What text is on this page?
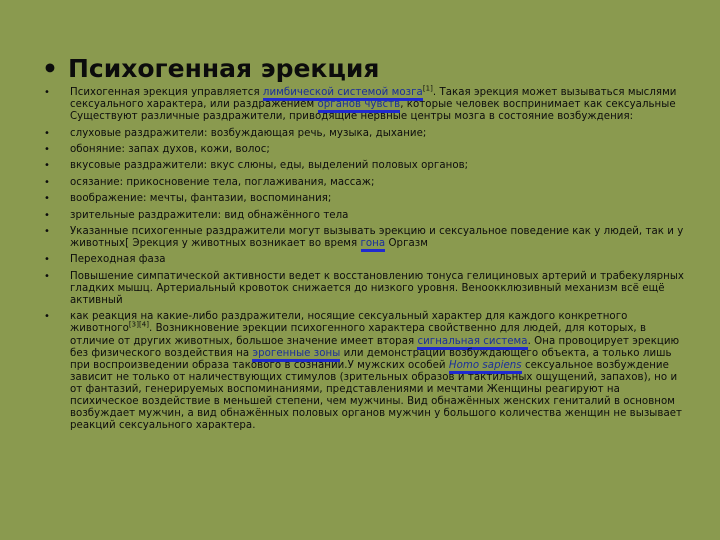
• Психогенная эрекция
• Психогенная эрекция управляется лимбической системой мозга[1]. Такая эрекция может вызываться мыслями сексуального характера, или раздражением органов чувств, которые человек воспринимает как сексуальные Существуют различные раздражители, приводящие нервные центры мозга в состояние возбуждения:
• слуховые раздражители: возбуждающая речь, музыка, дыхание;
• обоняние: запах духов, кожи, волос;
• вкусовые раздражители: вкус слюны, еды, выделений половых органов;
• осязание: прикосновение тела, поглаживания, массаж;
• воображение: мечты, фантазии, воспоминания;
• зрительные раздражители: вид обнажённого тела
• Указанные психогенные раздражители могут вызывать эрекцию и сексуальное поведение как у людей, так и у животных[ Эрекция у животных возникает во время гона Оргазм
• Переходная фаза
• Повышение симпатической активности ведет к восстановлению тонуса гелициновых артерий и трабекулярных гладких мышц. Артериальный кровоток снижается до низкого уровня. Веноокклюзивный механизм всё ещё активный
• как реакция на какие-либо раздражители, носящие сексуальный характер для каждого конкретного животного[3][4]. Возникновение эрекции психогенного характера свойственно для людей, для которых, в отличие от других животных, большое значение имеет вторая сигнальная система. Она провоцирует эрекцию без физического воздействия на эрогенные зоны или демонстрации возбуждающего объекта, а только лишь при воспроизведении образа такового в сознании.У мужских особей Homo sapiens сексуальное возбуждение зависит не только от наличествующих стимулов (зрительных образов и тактильных ощущений, запахов), но и от фантазий, генерируемых воспоминаниями, представлениями и мечтами Женщины реагируют на психическое воздействие в меньшей степени, чем мужчины. Вид обнажённых женских гениталий в основном возбуждает мужчин, а вид обнажённых половых органов мужчин у большого количества женщин не вызывает реакций сексуального характера.
